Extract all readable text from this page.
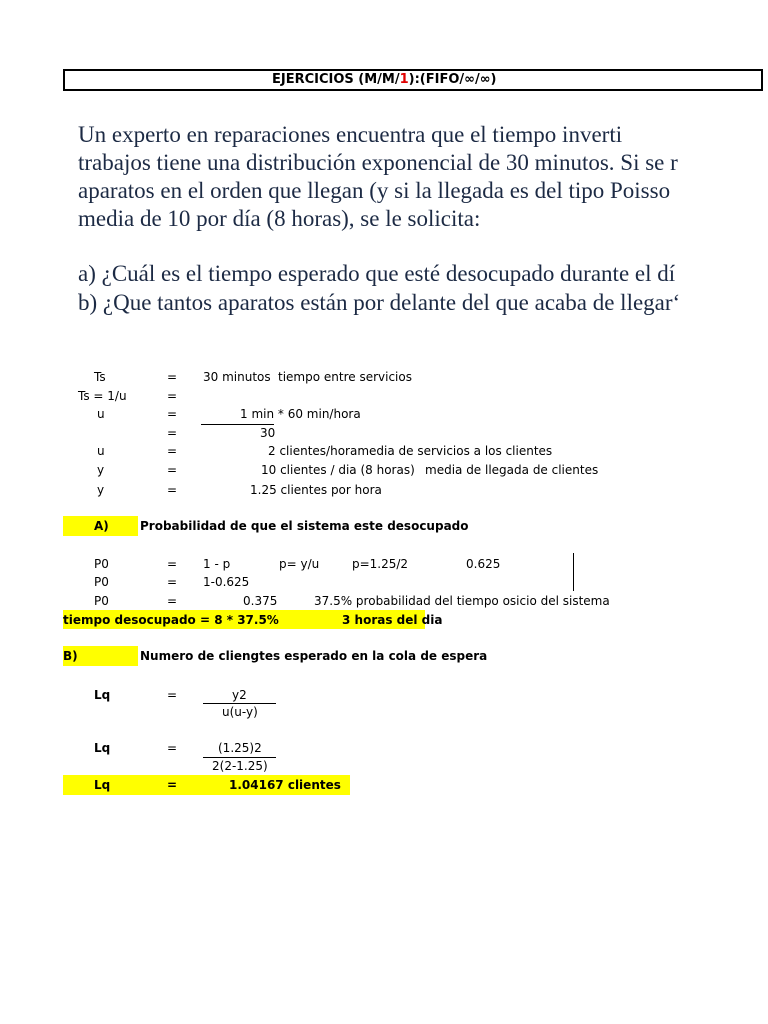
EJERCICIOS (M/M/1):(FIFO/∞/∞)
Un experto en reparaciones encuentra que el tiempo inverti
trabajos tiene una distribución exponencial de 30 minutos. Si se r
aparatos en el orden que llegan (y si la llegada es del tipo Poisso
media de 10 por día (8 horas), se le solicita:
a) ¿Cuál es el tiempo esperado que esté desocupado durante el dí
b) ¿Que tantos aparatos están por delante del que acaba de llegar‘
Ts	= 30 minutos tiempo entre servicios
Ts = 1/u	=
u	=	1 min * 60 min/hora
=	30
u	=	2 clientes/horamedia de servicios a los clientes
y	=	10 clientes / dia (8 horas) media de llegada de clientes
y	=	1.25 clientes por hora
A)	Probabilidad de que el sistema este desocupado
P0	= 1 - p	p= y/u	p=1.25/2	0.625
P0	= 1-0.625
P0	=	0.375	37.5% probabilidad del tiempo osicio del sistema
tiempo desocupado = 8 * 37.5%	3 horas del dia
B)	Numero de cliengtes esperado en la cola de espera
Lq	=	y2
u(u-y)
Lq	=	(1.25)2
2(2-1.25)
Lq	=	1.04167 clientes
